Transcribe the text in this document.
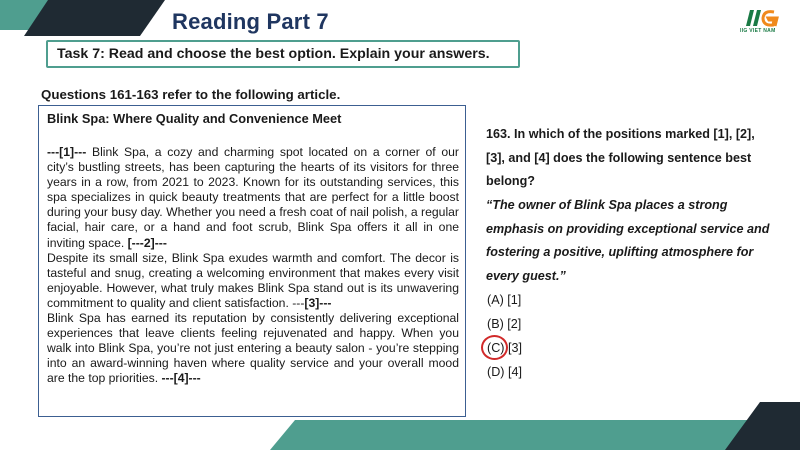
IIG VIET NAM
Reading Part 7
Task 7: Read and choose the best option. Explain your answers.
Questions 161-163 refer to the following article.
Blink Spa: Where Quality and Convenience Meet

---[1]--- Blink Spa, a cozy and charming spot located on a corner of our city’s bustling streets, has been capturing the hearts of its visitors for three years in a row, from 2021 to 2023. Known for its outstanding services, this spa specializes in quick beauty treatments that are perfect for a little boost during your busy day. Whether you need a fresh coat of nail polish, a regular facial, hair care, or a hand and foot scrub, Blink Spa offers it all in one inviting space. [---2]---

Despite its small size, Blink Spa exudes warmth and comfort. The decor is tasteful and snug, creating a welcoming environment that makes every visit enjoyable. However, what truly makes Blink Spa stand out is its unwavering commitment to quality and client satisfaction. ---[3]---

Blink Spa has earned its reputation by consistently delivering exceptional experiences that leave clients feeling rejuvenated and happy. When you walk into Blink Spa, you’re not just entering a beauty salon - you’re stepping into an award-winning haven where quality service and your overall mood are the top priorities. ---[4]---

163. In which of the positions marked [1], [2], [3], and [4] does the following sentence best belong?
“The owner of Blink Spa places a strong emphasis on providing exceptional service and fostering a positive, uplifting atmosphere for every guest.”
(A) [1]
(B) [2]
(C) [3]
(D) [4]
